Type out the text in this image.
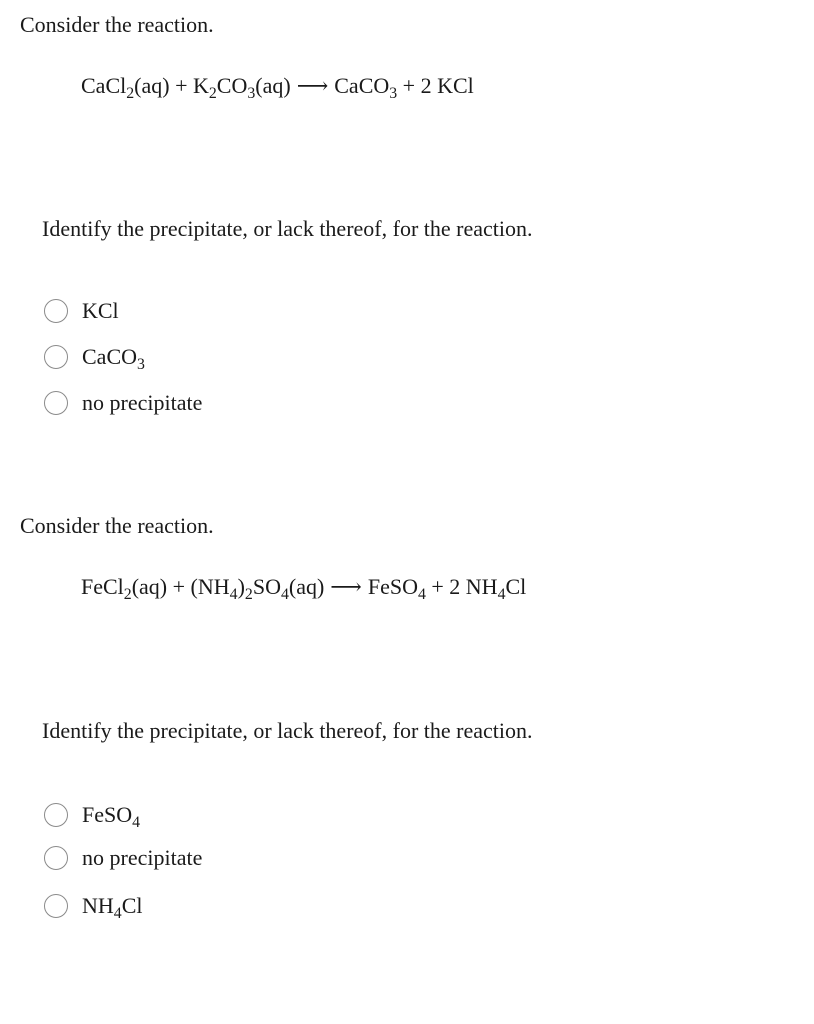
Consider the reaction.
CaCl$_2$(aq) + $K_2CO_3(aq)$ ⟶ CaCO$_3$ + 2 KCl
Identify the precipitate, or lack thereof, for the reaction.
KCl
CaCO$_3$
no precipitate
Consider the reaction.
FeCl$_2$(aq) + $(NH_4)_2SO_4(aq)$ ⟶ FeSO$_4$ + 2 $NH_4Cl$
Identify the precipitate, or lack thereof, for the reaction.
FeSO$_4$
no precipitate
$NH_4Cl$
